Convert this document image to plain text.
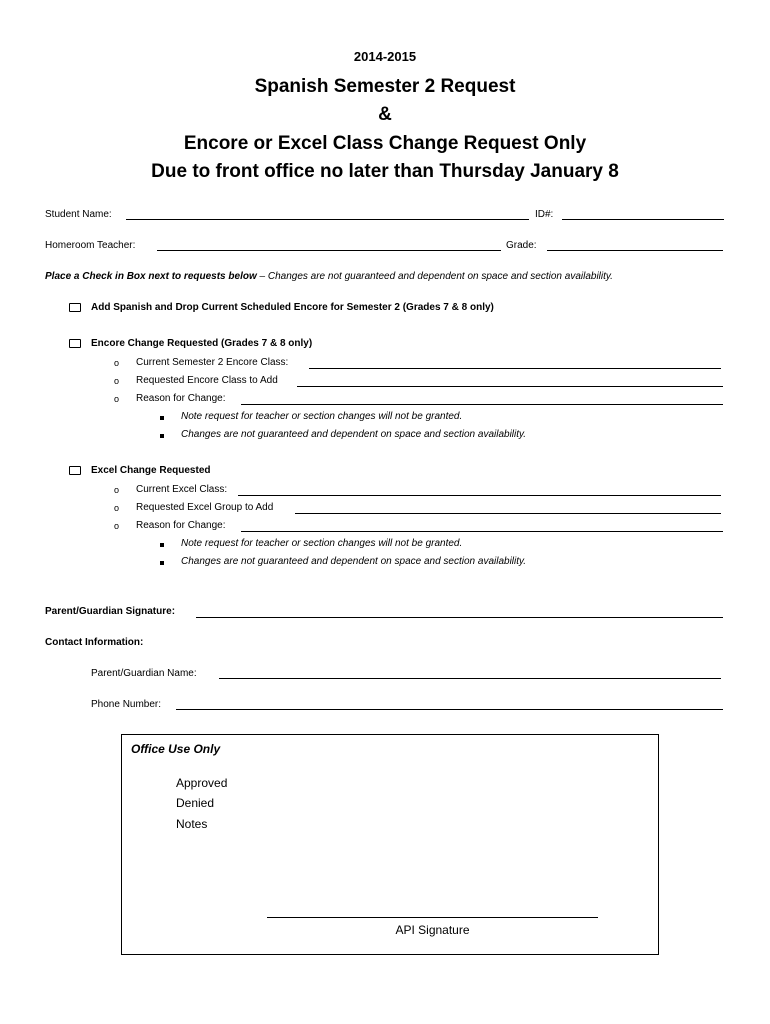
2014-2015
Spanish Semester 2 Request
&
Encore or Excel Class Change Request Only
Due to front office no later than Thursday January 8
Student Name:	ID#:
Homeroom Teacher:	Grade:
Place a Check in Box next to requests below – Changes are not guaranteed and dependent on space and section availability.
Add Spanish and Drop Current Scheduled Encore for Semester 2 (Grades 7 & 8 only)
Encore Change Requested (Grades 7 & 8 only)
o Current Semester 2 Encore Class:
o Requested Encore Class to Add
o Reason for Change:
Note request for teacher or section changes will not be granted.
Changes are not guaranteed and dependent on space and section availability.
Excel Change Requested
o Current Excel Class:
o Requested Excel Group to Add
o Reason for Change:
Note request for teacher or section changes will not be granted.
Changes are not guaranteed and dependent on space and section availability.
Parent/Guardian Signature:
Contact Information:
Parent/Guardian Name:
Phone Number:
Office Use Only
Approved
Denied
Notes
API Signature
